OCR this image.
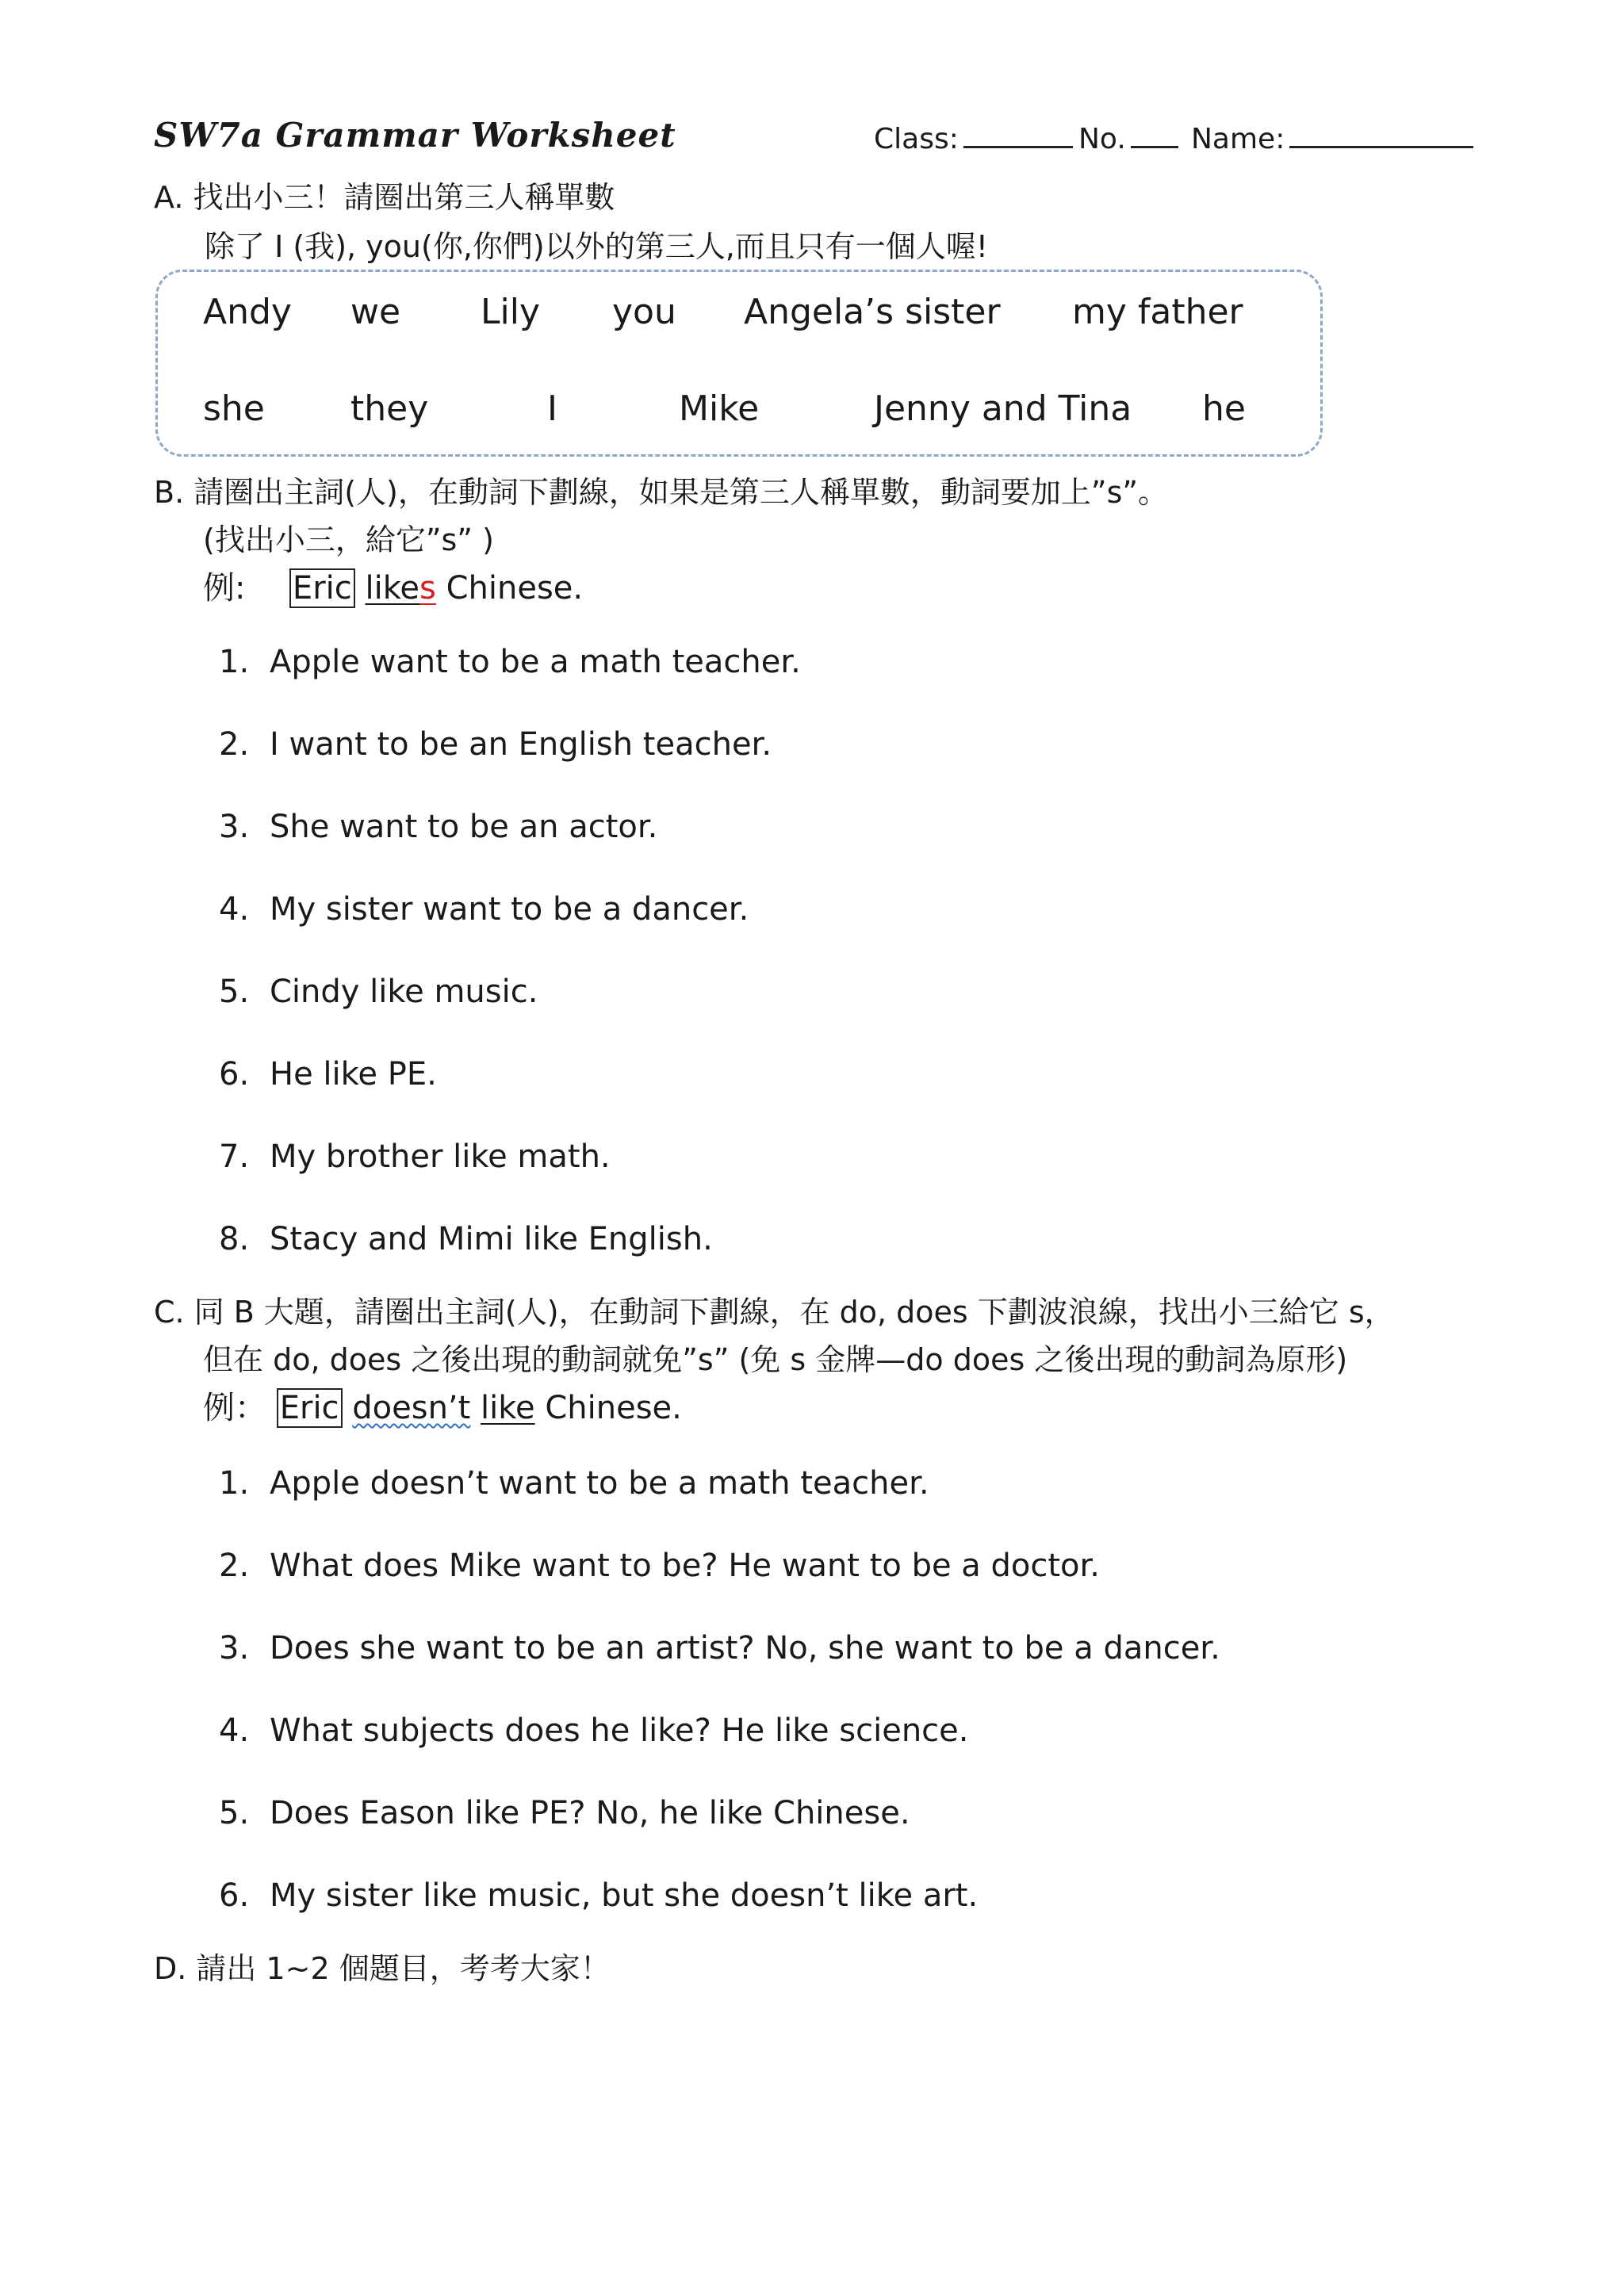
SW7a Grammar Worksheet	Class:	No.	Name:
A. 找出小三！請圈出第三人稱單數
除了 I (我), you(你,你們)以外的第三人,而且只有一個人喔!
Andy we Lily you Angela’s sister my father
she they	I	Mike	Jenny and Tina he
B. 請圈出主詞(人)，在動詞下劃線，如果是第三人稱單數，動詞要加上”s”。
(找出小三，給它”s” )
例: Eric likes Chinese.
1. Apple want to be a math teacher.
2. I want to be an English teacher.
3. She want to be an actor.
4. My sister want to be a dancer.
5. Cindy like music.
6. He like PE.
7. My brother like math.
8. Stacy and Mimi like English.
C. 同 B 大題，請圈出主詞(人)，在動詞下劃線，在 do, does 下劃波浪線，找出小三給它 s，
但在 do, does 之後出現的動詞就免”s” (免 s 金牌—do does 之後出現的動詞為原形)
例： Eric doesn’t like Chinese.
1. Apple doesn’t want to be a math teacher.
2. What does Mike want to be? He want to be a doctor.
3. Does she want to be an artist? No, she want to be a dancer.
4. What subjects does he like? He like science.
5. Does Eason like PE? No, he like Chinese.
6. My sister like music, but she doesn’t like art.
D. 請出 1~2 個題目，考考大家！
